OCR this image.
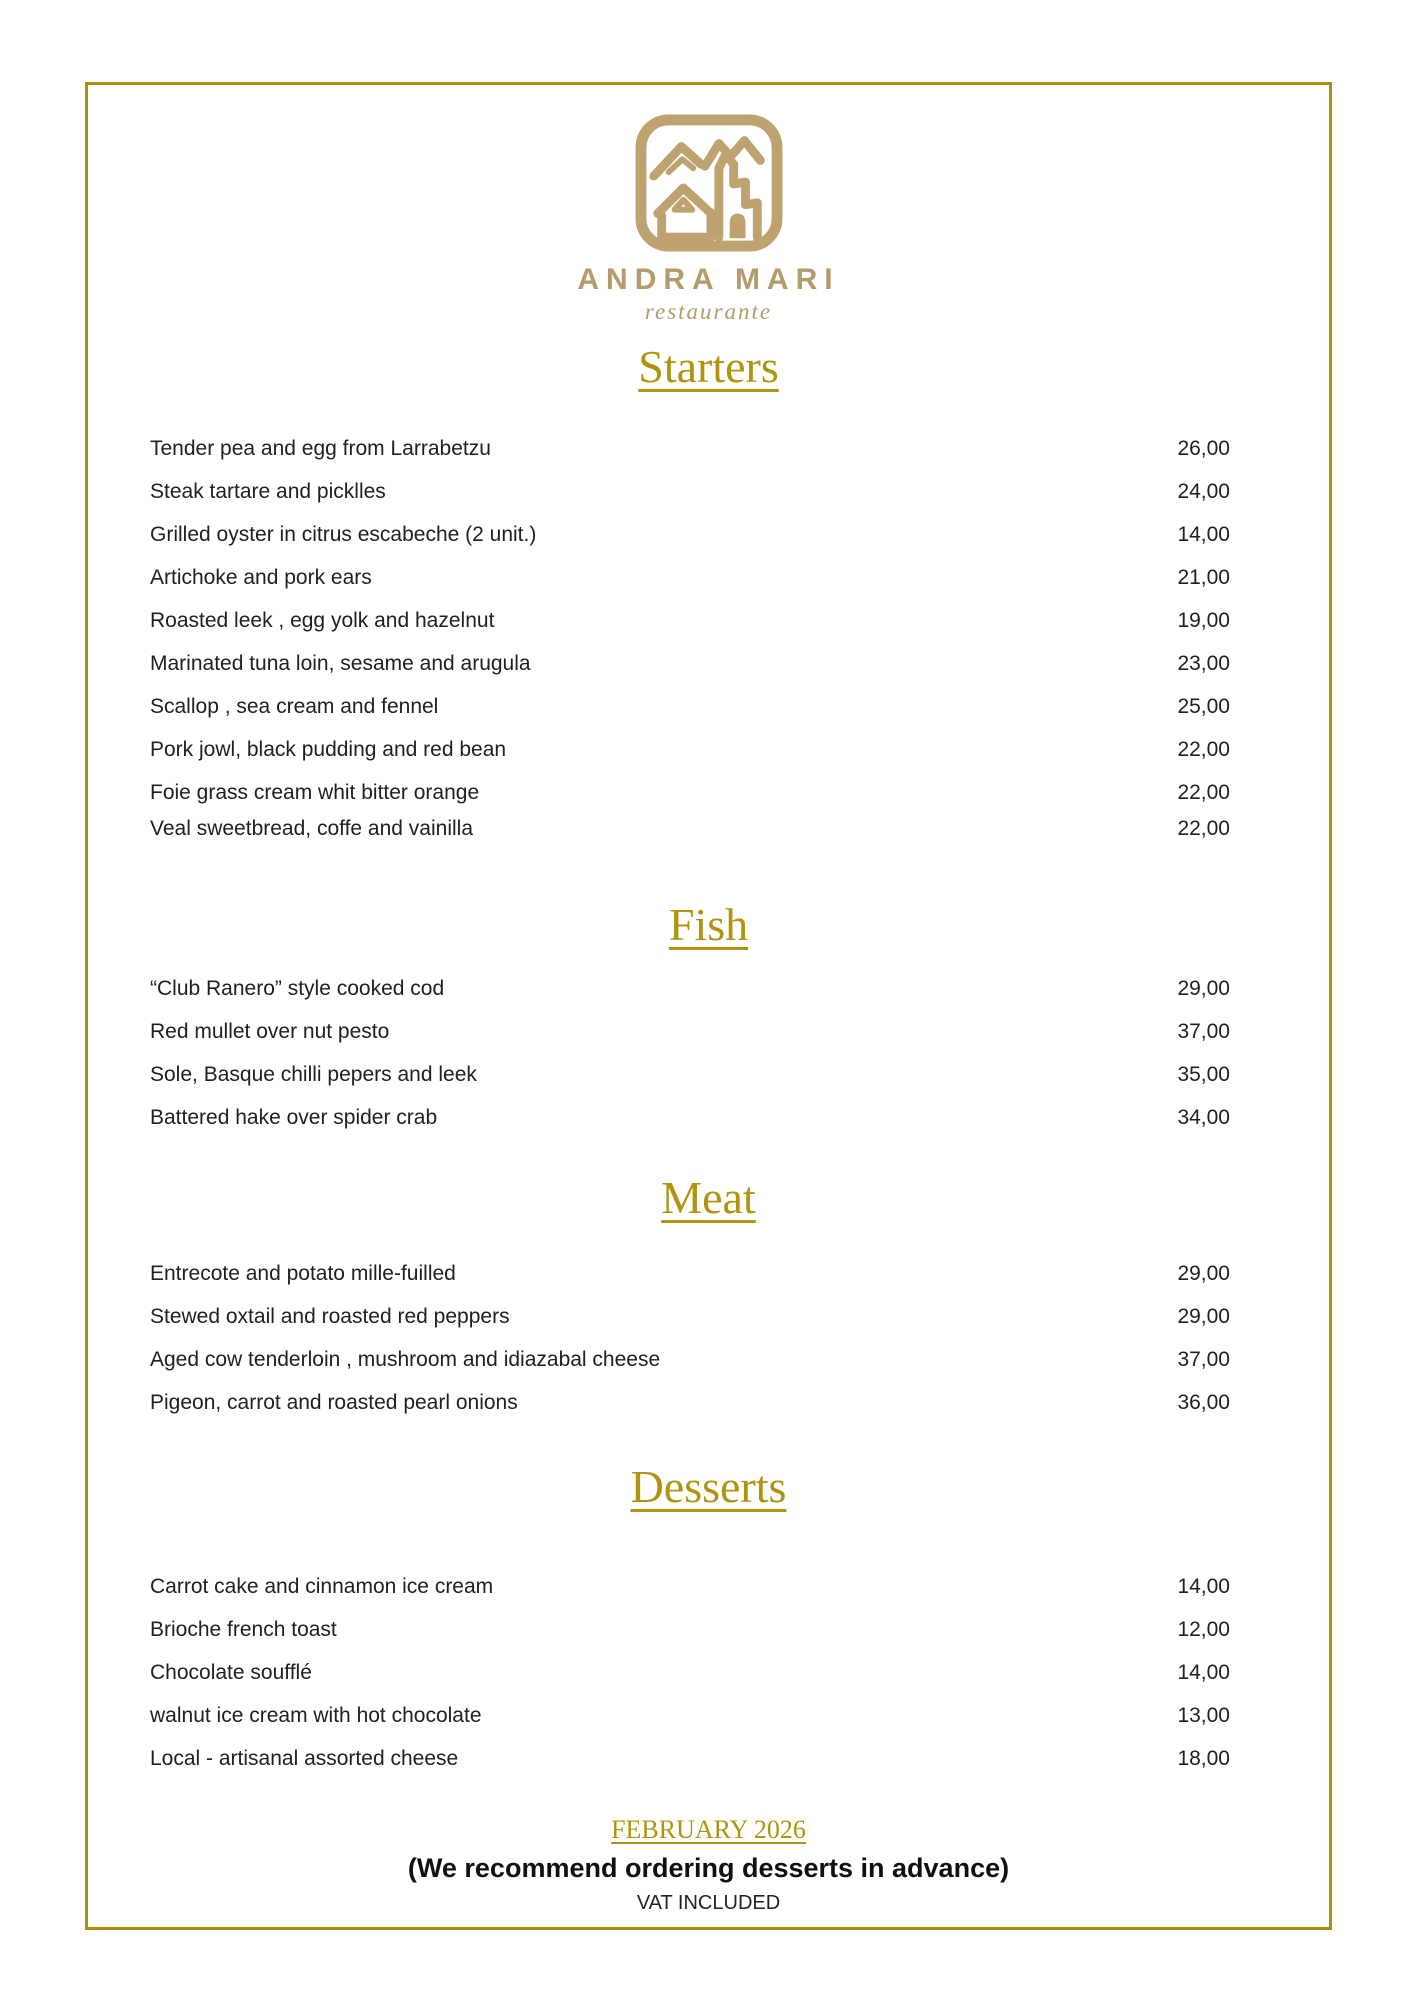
ANDRA MARI
restaurante
Starters
Tender pea and egg from Larrabetzu	26,00
Steak tartare and picklles	24,00
Grilled oyster in citrus escabeche (2 unit.)	14,00
Artichoke and pork ears	21,00
Roasted leek , egg yolk and hazelnut	19,00
Marinated tuna loin, sesame and arugula	23,00
Scallop , sea cream and fennel	25,00
Pork jowl, black pudding and red bean	22,00
Foie grass cream whit bitter orange	22,00
Veal sweetbread, coffe and vainilla	22,00
Fish
“Club Ranero” style cooked cod	29,00
Red mullet over nut pesto	37,00
Sole, Basque chilli pepers and leek	35,00
Battered hake over spider crab	34,00
Meat
Entrecote and potato mille-fuilled	29,00
Stewed oxtail and roasted red peppers	29,00
Aged cow tenderloin , mushroom and idiazabal cheese	37,00
Pigeon, carrot and roasted pearl onions	36,00
Desserts
Carrot cake and cinnamon ice cream	14,00
Brioche french toast	12,00
Chocolate soufflé	14,00
walnut ice cream with hot chocolate	13,00
Local - artisanal assorted cheese	18,00
FEBRUARY 2026
(We recommend ordering desserts in advance)
VAT INCLUDED
